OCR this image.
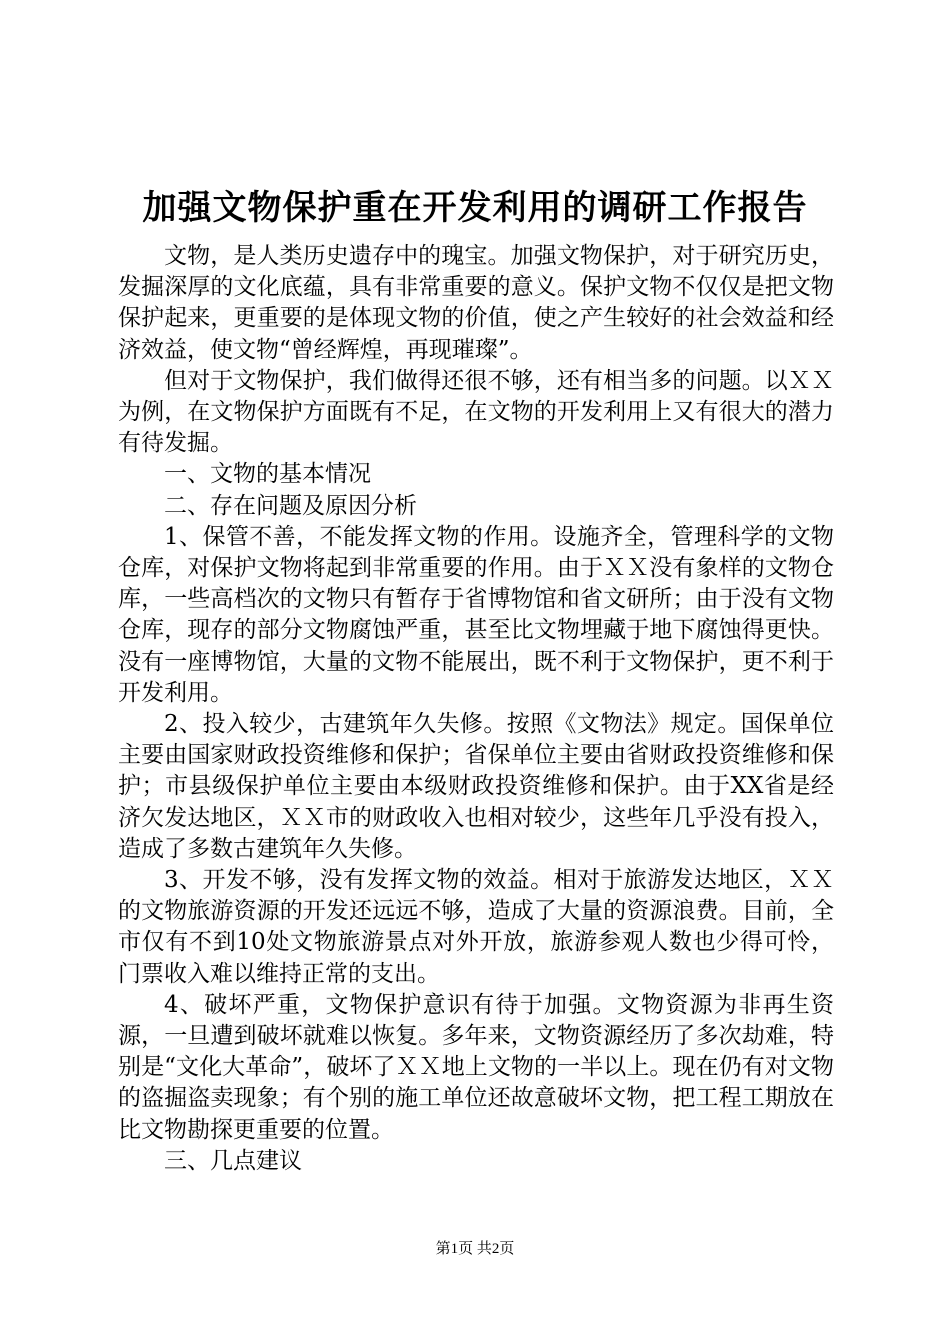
加强文物保护重在开发利用的调研工作报告

文物，是人类历史遗存中的瑰宝。加强文物保护，对于研究历史，发掘深厚的文化底蕴，具有非常重要的意义。保护文物不仅仅是把文物保护起来，更重要的是体现文物的价值，使之产生较好的社会效益和经济效益，使文物“曾经辉煌，再现璀璨”。

但对于文物保护，我们做得还很不够，还有相当多的问题。以ＸＸ为例，在文物保护方面既有不足，在文物的开发利用上又有很大的潜力有待发掘。

一、文物的基本情况

二、存在问题及原因分析

1、保管不善，不能发挥文物的作用。设施齐全，管理科学的文物仓库，对保护文物将起到非常重要的作用。由于ＸＸ没有象样的文物仓库，一些高档次的文物只有暂存于省博物馆和省文研所；由于没有文物仓库，现存的部分文物腐蚀严重，甚至比文物埋藏于地下腐蚀得更快。没有一座博物馆，大量的文物不能展出，既不利于文物保护，更不利于开发利用。

2、投入较少，古建筑年久失修。按照《文物法》规定。国保单位主要由国家财政投资维修和保护；省保单位主要由省财政投资维修和保护；市县级保护单位主要由本级财政投资维修和保护。由于XX省是经济欠发达地区，ＸＸ市的财政收入也相对较少，这些年几乎没有投入，造成了多数古建筑年久失修。

3、开发不够，没有发挥文物的效益。相对于旅游发达地区，ＸＸ的文物旅游资源的开发还远远不够，造成了大量的资源浪费。目前，全市仅有不到10处文物旅游景点对外开放，旅游参观人数也少得可怜，门票收入难以维持正常的支出。

4、破坏严重，文物保护意识有待于加强。文物资源为非再生资源，一旦遭到破坏就难以恢复。多年来，文物资源经历了多次劫难，特别是“文化大革命”，破坏了ＸＸ地上文物的一半以上。现在仍有对文物的盗掘盗卖现象；有个别的施工单位还故意破坏文物，把工程工期放在比文物勘探更重要的位置。

三、几点建议

第1页 共2页
